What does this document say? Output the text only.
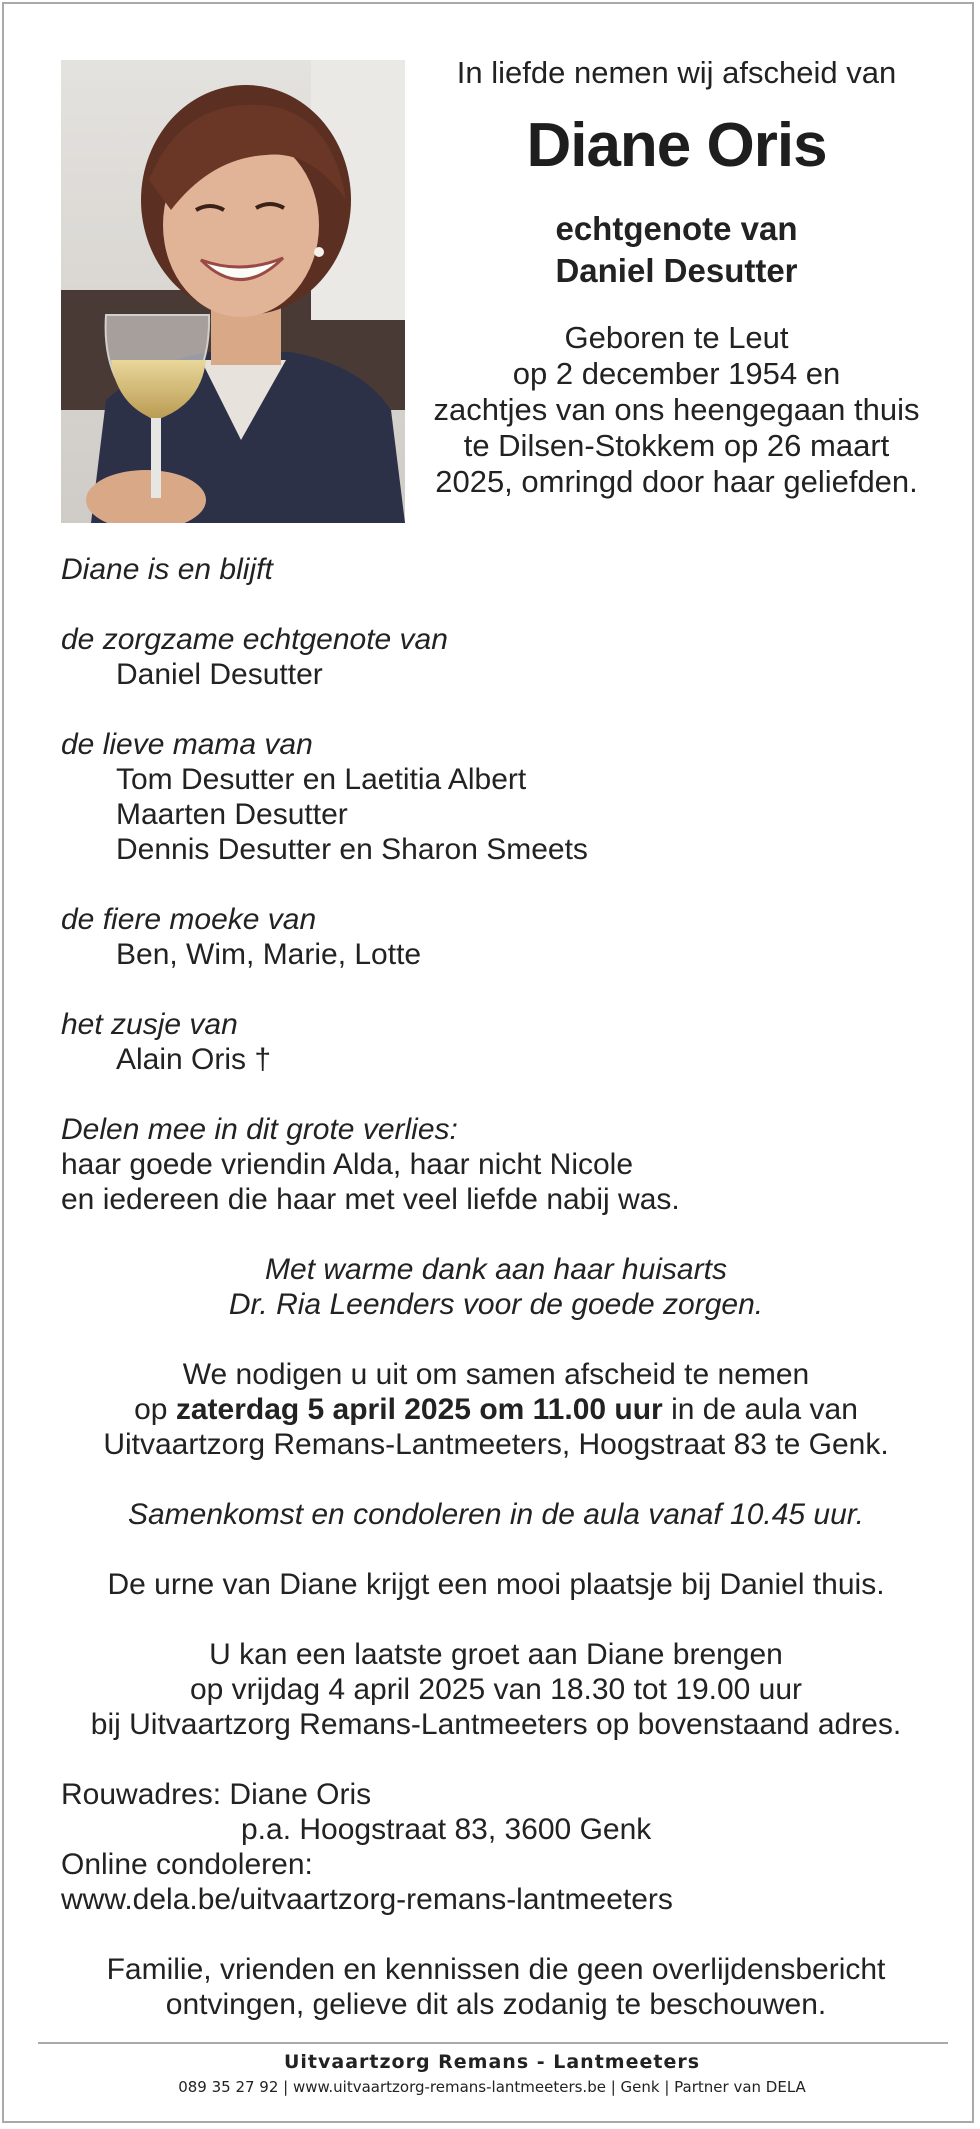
In liefde nemen wij afscheid van
Diane Oris
echtgenote van
Daniel Desutter
Geboren te Leut
op 2 december 1954 en
zachtjes van ons heengegaan thuis
te Dilsen-Stokkem op 26 maart
2025, omringd door haar geliefden.
Diane is en blijft
de zorgzame echtgenote van
Daniel Desutter
de lieve mama van
Tom Desutter en Laetitia Albert
Maarten Desutter
Dennis Desutter en Sharon Smeets
de fiere moeke van
Ben, Wim, Marie, Lotte
het zusje van
Alain Oris †
Delen mee in dit grote verlies:
haar goede vriendin Alda, haar nicht Nicole
en iedereen die haar met veel liefde nabij was.
Met warme dank aan haar huisarts
Dr. Ria Leenders voor de goede zorgen.
We nodigen u uit om samen afscheid te nemen
op zaterdag 5 april 2025 om 11.00 uur in de aula van
Uitvaartzorg Remans-Lantmeeters, Hoogstraat 83 te Genk.
Samenkomst en condoleren in de aula vanaf 10.45 uur.
De urne van Diane krijgt een mooi plaatsje bij Daniel thuis.
U kan een laatste groet aan Diane brengen
op vrijdag 4 april 2025 van 18.30 tot 19.00 uur
bij Uitvaartzorg Remans-Lantmeeters op bovenstaand adres.
Rouwadres: Diane Oris
p.a. Hoogstraat 83, 3600 Genk
Online condoleren:
www.dela.be/uitvaartzorg-remans-lantmeeters
Familie, vrienden en kennissen die geen overlijdensbericht
ontvingen, gelieve dit als zodanig te beschouwen.
Uitvaartzorg Remans - Lantmeeters
089 35 27 92 | www.uitvaartzorg-remans-lantmeeters.be | Genk | Partner van DELA
